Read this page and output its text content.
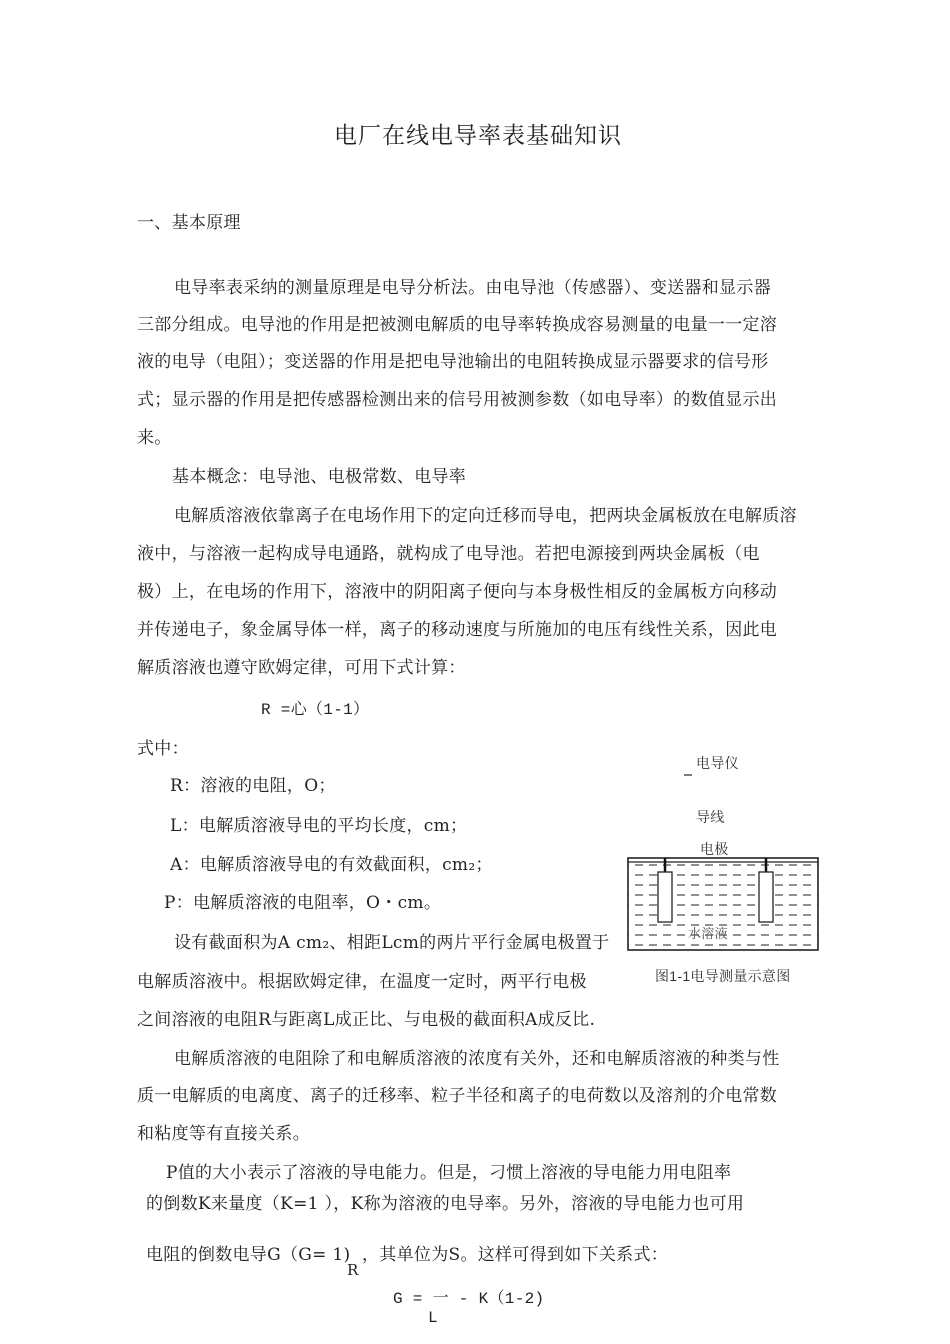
电厂在线电导率表基础知识
一、基本原理
电导率表采纳的测量原理是电导分析法。由电导池（传感器）、变送器和显示器
三部分组成。电导池的作用是把被测电解质的电导率转换成容易测量的电量一一定溶
液的电导（电阻）；变送器的作用是把电导池输出的电阻转换成显示器要求的信号形
式；显示器的作用是把传感器检测出来的信号用被测参数（如电导率）的数值显示出
来。
基本概念：电导池、电极常数、电导率
电解质溶液依靠离子在电场作用下的定向迁移而导电，把两块金属板放在电解质溶
液中，与溶液一起构成导电通路，就构成了电导池。若把电源接到两块金属板（电
极）上，在电场的作用下，溶液中的阴阳离子便向与本身极性相反的金属板方向移动
并传递电子，象金属导体一样，离子的移动速度与所施加的电压有线性关系，因此电
解质溶液也遵守欧姆定律，可用下式计算：
R =心（1-1）
式中：
R：溶液的电阻，O；
L：电解质溶液导电的平均长度，cm；
A：电解质溶液导电的有效截面积，cm₂；
P：电解质溶液的电阻率，O・cm。
设有截面积为A cm₂、相距Lcm的两片平行金属电极置于
电解质溶液中。根据欧姆定律，在温度一定时，两平行电极
之间溶液的电阻R与距离L成正比、与电极的截面积A成反比.
电解质溶液的电阻除了和电解质溶液的浓度有关外，还和电解质溶液的种类与性
质一电解质的电离度、离子的迁移率、粒子半径和离子的电荷数以及溶剂的介电常数
和粘度等有直接关系。
P值的大小表示了溶液的导电能力。但是，刁惯上溶液的导电能力用电阻率
的倒数K来量度（K=1 ），K称为溶液的电导率。另外，溶液的导电能力也可用
电阻的倒数电导G（G= 1)
R
，其单位为S。这样可得到如下关系式：
G = 一 - K（1-2)
L
电导仪
导线
电极
水溶液
图1-1电导测量示意图
